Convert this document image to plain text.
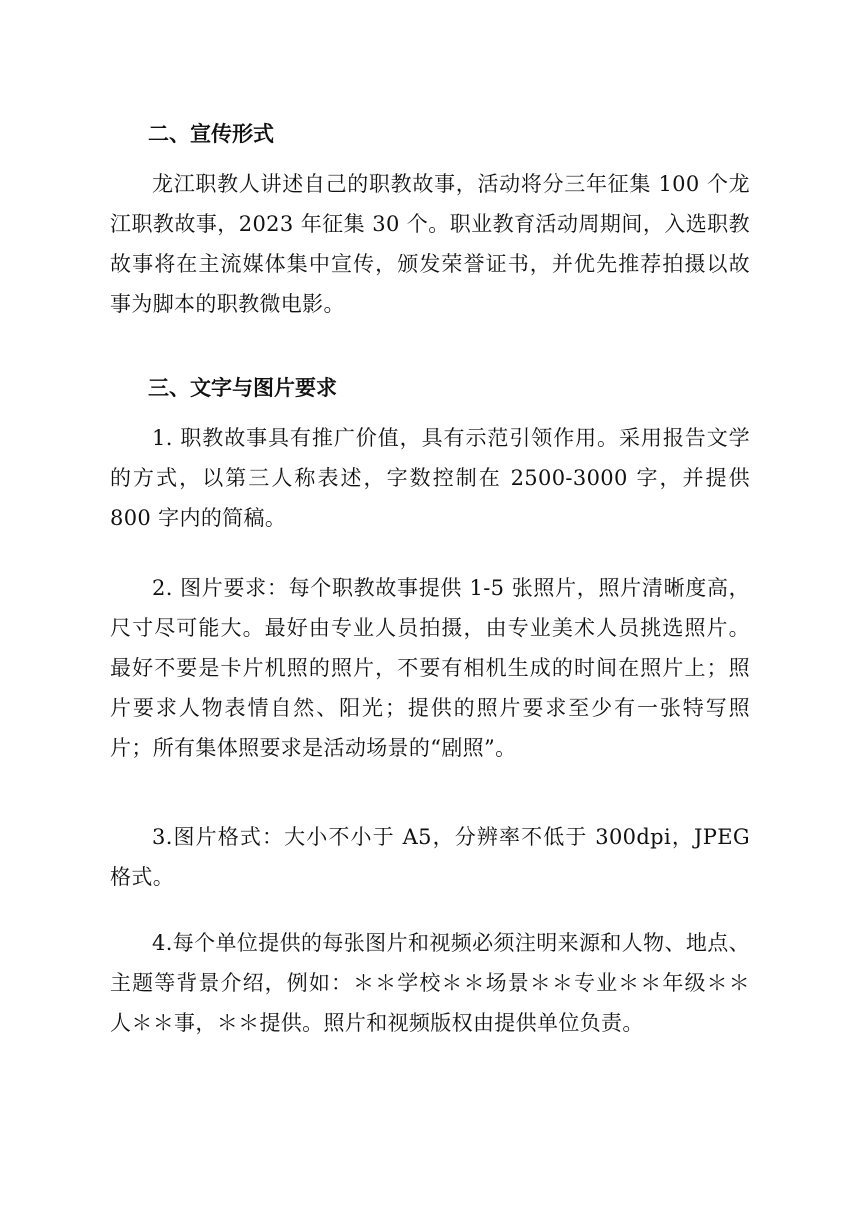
二、宣传形式

龙江职教人讲述自己的职教故事，活动将分三年征集 100 个龙江职教故事，2023 年征集 30 个。职业教育活动周期间，入选职教故事将在主流媒体集中宣传，颁发荣誉证书，并优先推荐拍摄以故事为脚本的职教微电影。

三、文字与图片要求

1. 职教故事具有推广价值，具有示范引领作用。采用报告文学的方式，以第三人称表述，字数控制在 2500-3000 字，并提供 800 字内的简稿。

2. 图片要求：每个职教故事提供 1-5 张照片，照片清晰度高，尺寸尽可能大。最好由专业人员拍摄，由专业美术人员挑选照片。最好不要是卡片机照的照片，不要有相机生成的时间在照片上；照片要求人物表情自然、阳光；提供的照片要求至少有一张特写照片；所有集体照要求是活动场景的“剧照”。

3.图片格式：大小不小于 A5，分辨率不低于 300dpi，JPEG 格式。

4.每个单位提供的每张图片和视频必须注明来源和人物、地点、主题等背景介绍，例如：＊＊学校＊＊场景＊＊专业＊＊年级＊＊人＊＊事，＊＊提供。照片和视频版权由提供单位负责。
